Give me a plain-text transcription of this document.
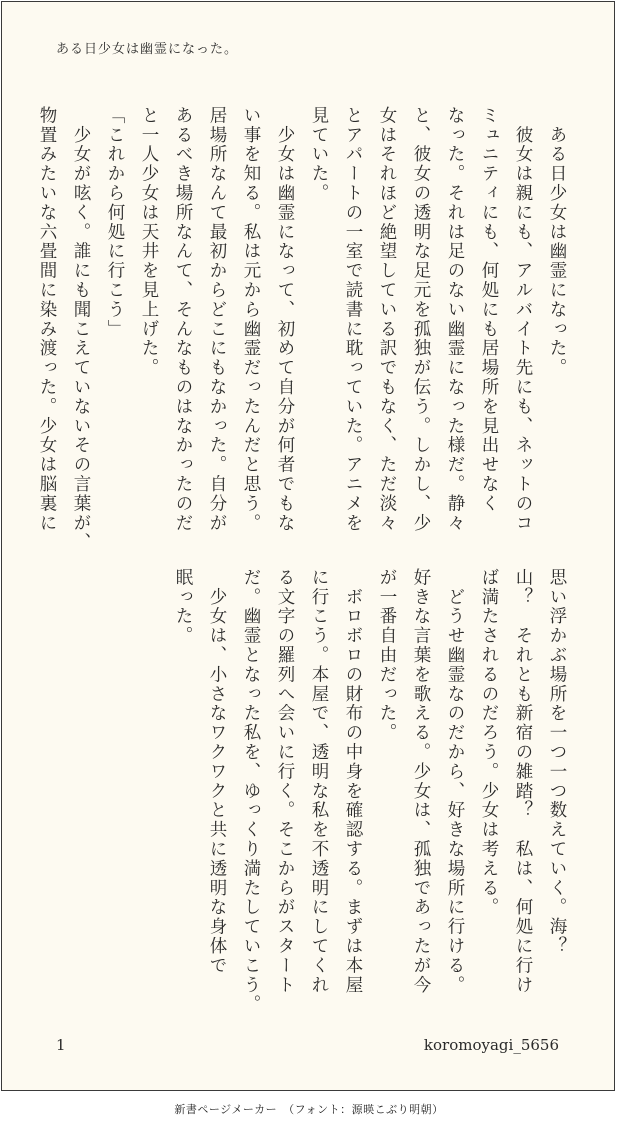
ある日少女は幽霊になった。
　ある日少女は幽霊になった。
　彼女は親にも、アルバイト先にも、ネットのコ
ミュニティにも、何処にも居場所を見出せなく
なった。それは足のない幽霊になった様だ。静々
と、彼女の透明な足元を孤独が伝う。しかし、少
女はそれほど絶望している訳でもなく、ただ淡々
とアパートの一室で読書に耽っていた。アニメを
見ていた。
　少女は幽霊になって、初めて自分が何者でもな
い事を知る。私は元から幽霊だったんだと思う。
居場所なんて最初からどこにもなかった。自分が
あるべき場所なんて、そんなものはなかったのだ
と一人少女は天井を見上げた。
「これから何処に行こう」
　少女が呟く。誰にも聞こえていないその言葉が、
物置みたいな六畳間に染み渡った。少女は脳裏に
思い浮かぶ場所を一つ一つ数えていく。海？
山？　それとも新宿の雑踏？　私は、何処に行け
ば満たされるのだろう。少女は考える。
　どうせ幽霊なのだから、好きな場所に行ける。
好きな言葉を歌える。少女は、孤独であったが今
が一番自由だった。
　ボロボロの財布の中身を確認する。まずは本屋
に行こう。本屋で、透明な私を不透明にしてくれ
る文字の羅列へ会いに行く。そこからがスタート
だ。幽霊となった私を、ゆっくり満たしていこう。
　少女は、小さなワクワクと共に透明な身体で
眠った。
1	koromoyagi_5656
新書ページメーカー　（フォント：源暎こぶり明朝）
